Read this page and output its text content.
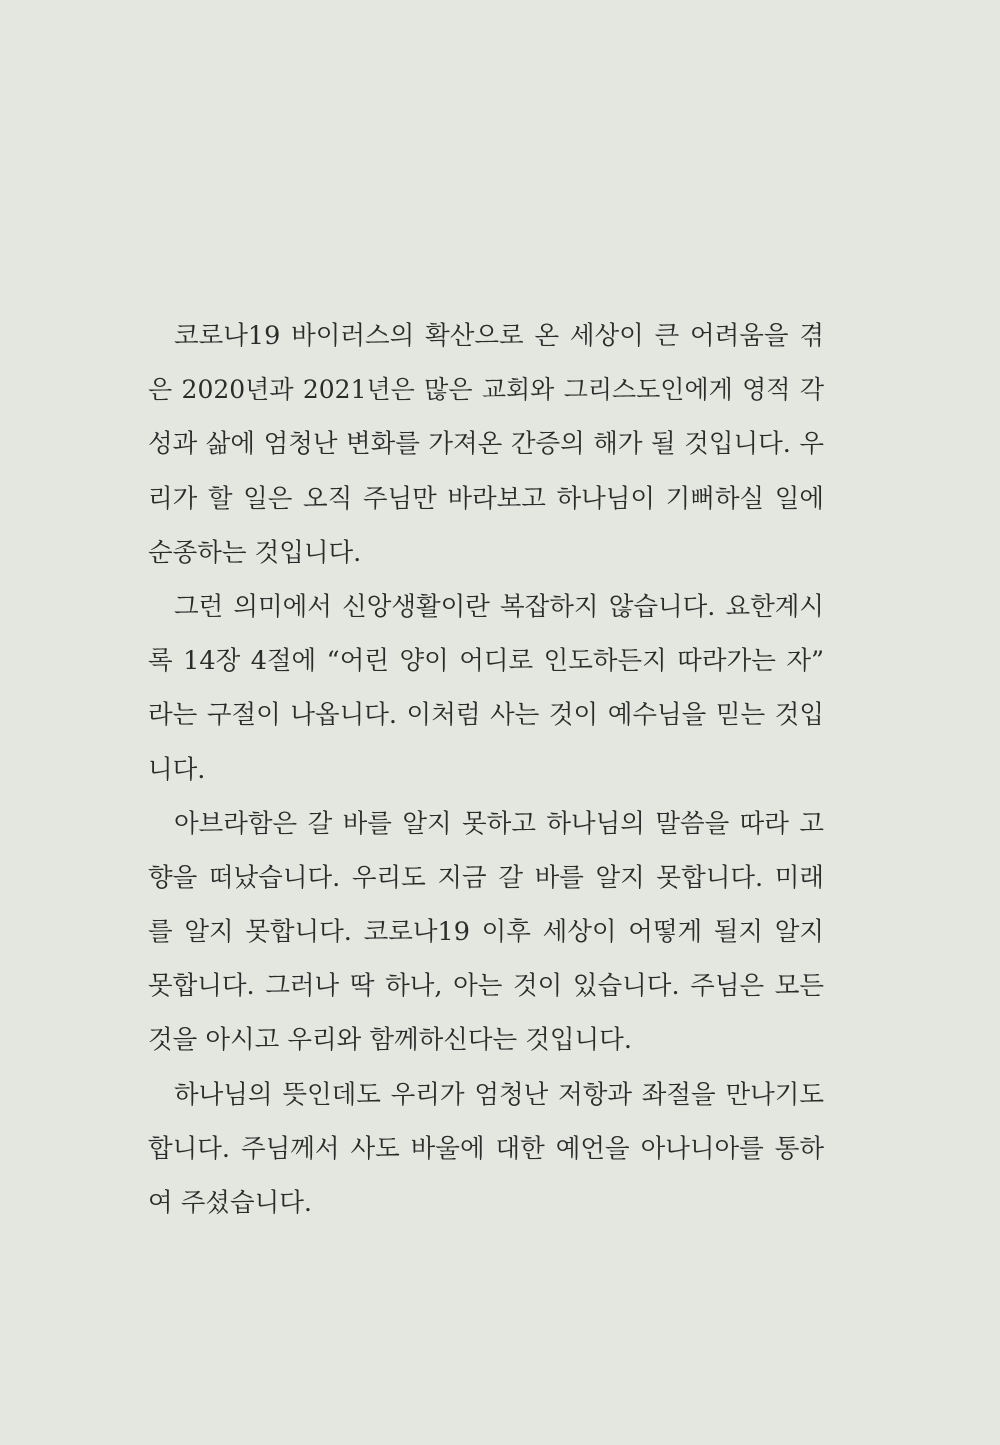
코로나19 바이러스의 확산으로 온 세상이 큰 어려움을 겪
은 2020년과 2021년은 많은 교회와 그리스도인에게 영적 각
성과 삶에 엄청난 변화를 가져온 간증의 해가 될 것입니다. 우
리가 할 일은 오직 주님만 바라보고 하나님이 기뻐하실 일에
순종하는 것입니다.
그런 의미에서 신앙생활이란 복잡하지 않습니다. 요한계시
록 14장 4절에 “어린 양이 어디로 인도하든지 따라가는 자”
라는 구절이 나옵니다. 이처럼 사는 것이 예수님을 믿는 것입
니다.
아브라함은 갈 바를 알지 못하고 하나님의 말씀을 따라 고
향을 떠났습니다. 우리도 지금 갈 바를 알지 못합니다. 미래
를 알지 못합니다. 코로나19 이후 세상이 어떻게 될지 알지
못합니다. 그러나 딱 하나, 아는 것이 있습니다. 주님은 모든
것을 아시고 우리와 함께하신다는 것입니다.
하나님의 뜻인데도 우리가 엄청난 저항과 좌절을 만나기도
합니다. 주님께서 사도 바울에 대한 예언을 아나니아를 통하
여 주셨습니다.
